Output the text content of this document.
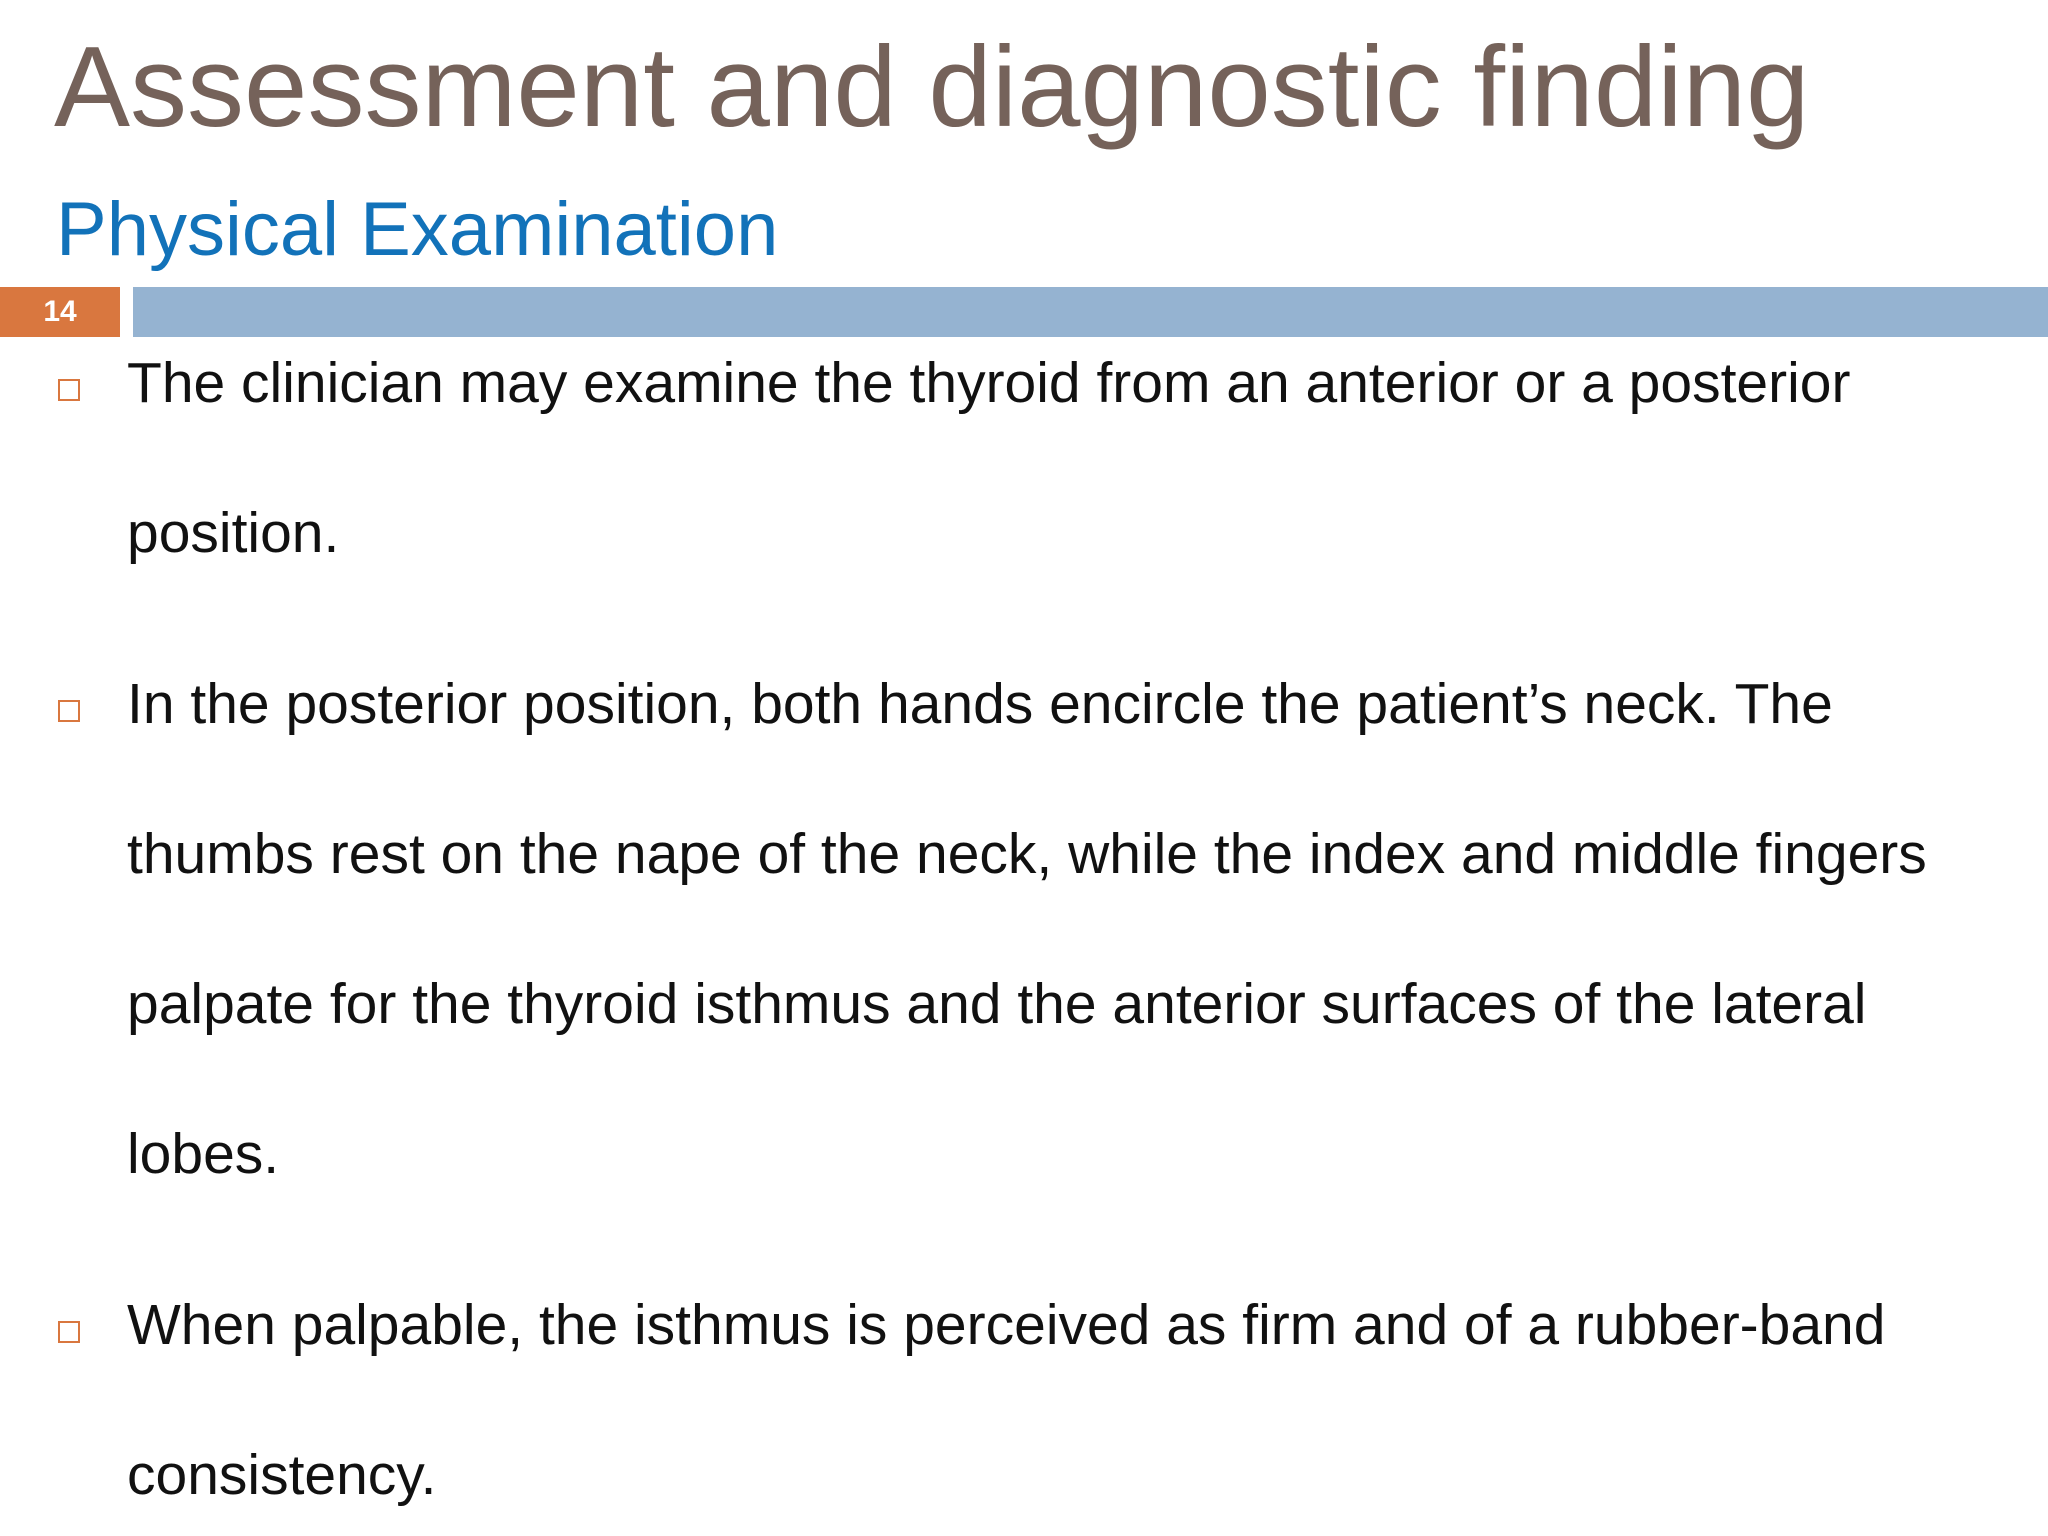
Assessment and diagnostic finding
Physical Examination
14

The clinician may examine the thyroid from an anterior or a posterior position.

In the posterior position, both hands encircle the patient’s neck. The thumbs rest on the nape of the neck, while the index and middle fingers palpate for the thyroid isthmus and the anterior surfaces of the lateral lobes.

When palpable, the isthmus is perceived as firm and of a rubber-band consistency.
